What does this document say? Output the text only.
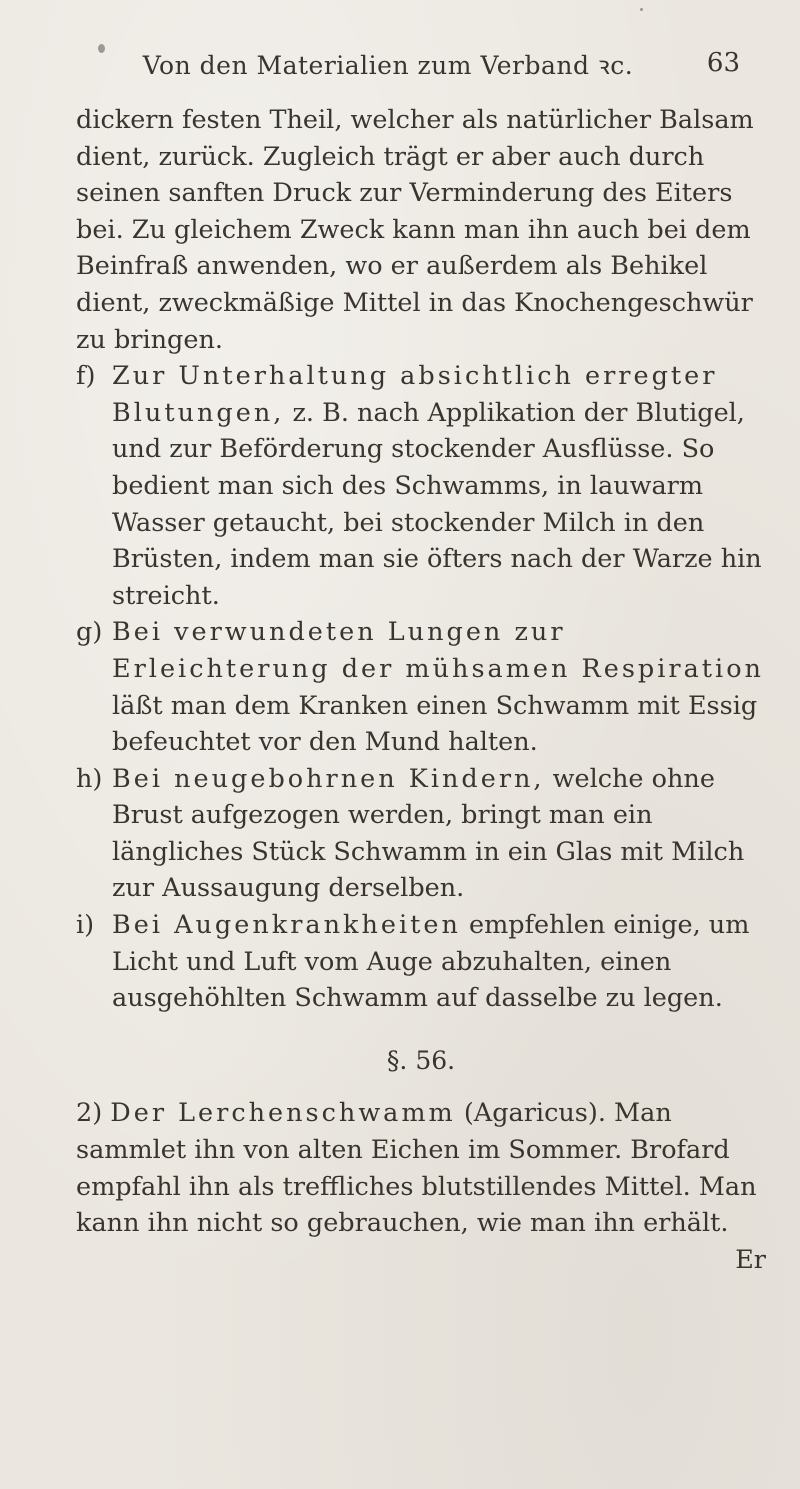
Von den Materialien zum Verband ꝛc.	63

dickern festen Theil, welcher als natürlicher Balsam dient, zurück. Zugleich trägt er aber auch durch seinen sanften Druck zur Verminderung des Eiters bei. Zu gleichem Zweck kann man ihn auch bei dem Beinfraß anwenden, wo er außerdem als Behikel dient, zweckmäßige Mittel in das Knochengeschwür zu bringen.

f) Zur Unterhaltung absichtlich erregter Blutungen, z. B. nach Applikation der Blutigel, und zur Beförderung stockender Ausflüsse. So bedient man sich des Schwamms, in lauwarm Wasser getaucht, bei stockender Milch in den Brüsten, indem man sie öfters nach der Warze hin streicht.
g) Bei verwundeten Lungen zur Erleichterung der mühsamen Respiration läßt man dem Kranken einen Schwamm mit Essig befeuchtet vor den Mund halten.
h) Bei neugebohrnen Kindern, welche ohne Brust aufgezogen werden, bringt man ein längliches Stück Schwamm in ein Glas mit Milch zur Aussaugung derselben.
i) Bei Augenkrankheiten empfehlen einige, um Licht und Luft vom Auge abzuhalten, einen ausgehöhlten Schwamm auf dasselbe zu legen.
§. 56.

2) Der Lerchenschwamm (Agaricus). Man sammlet ihn von alten Eichen im Sommer. Brofard empfahl ihn als treffliches blutstillendes Mittel. Man kann ihn nicht so gebrauchen, wie man ihn erhält.

Er
